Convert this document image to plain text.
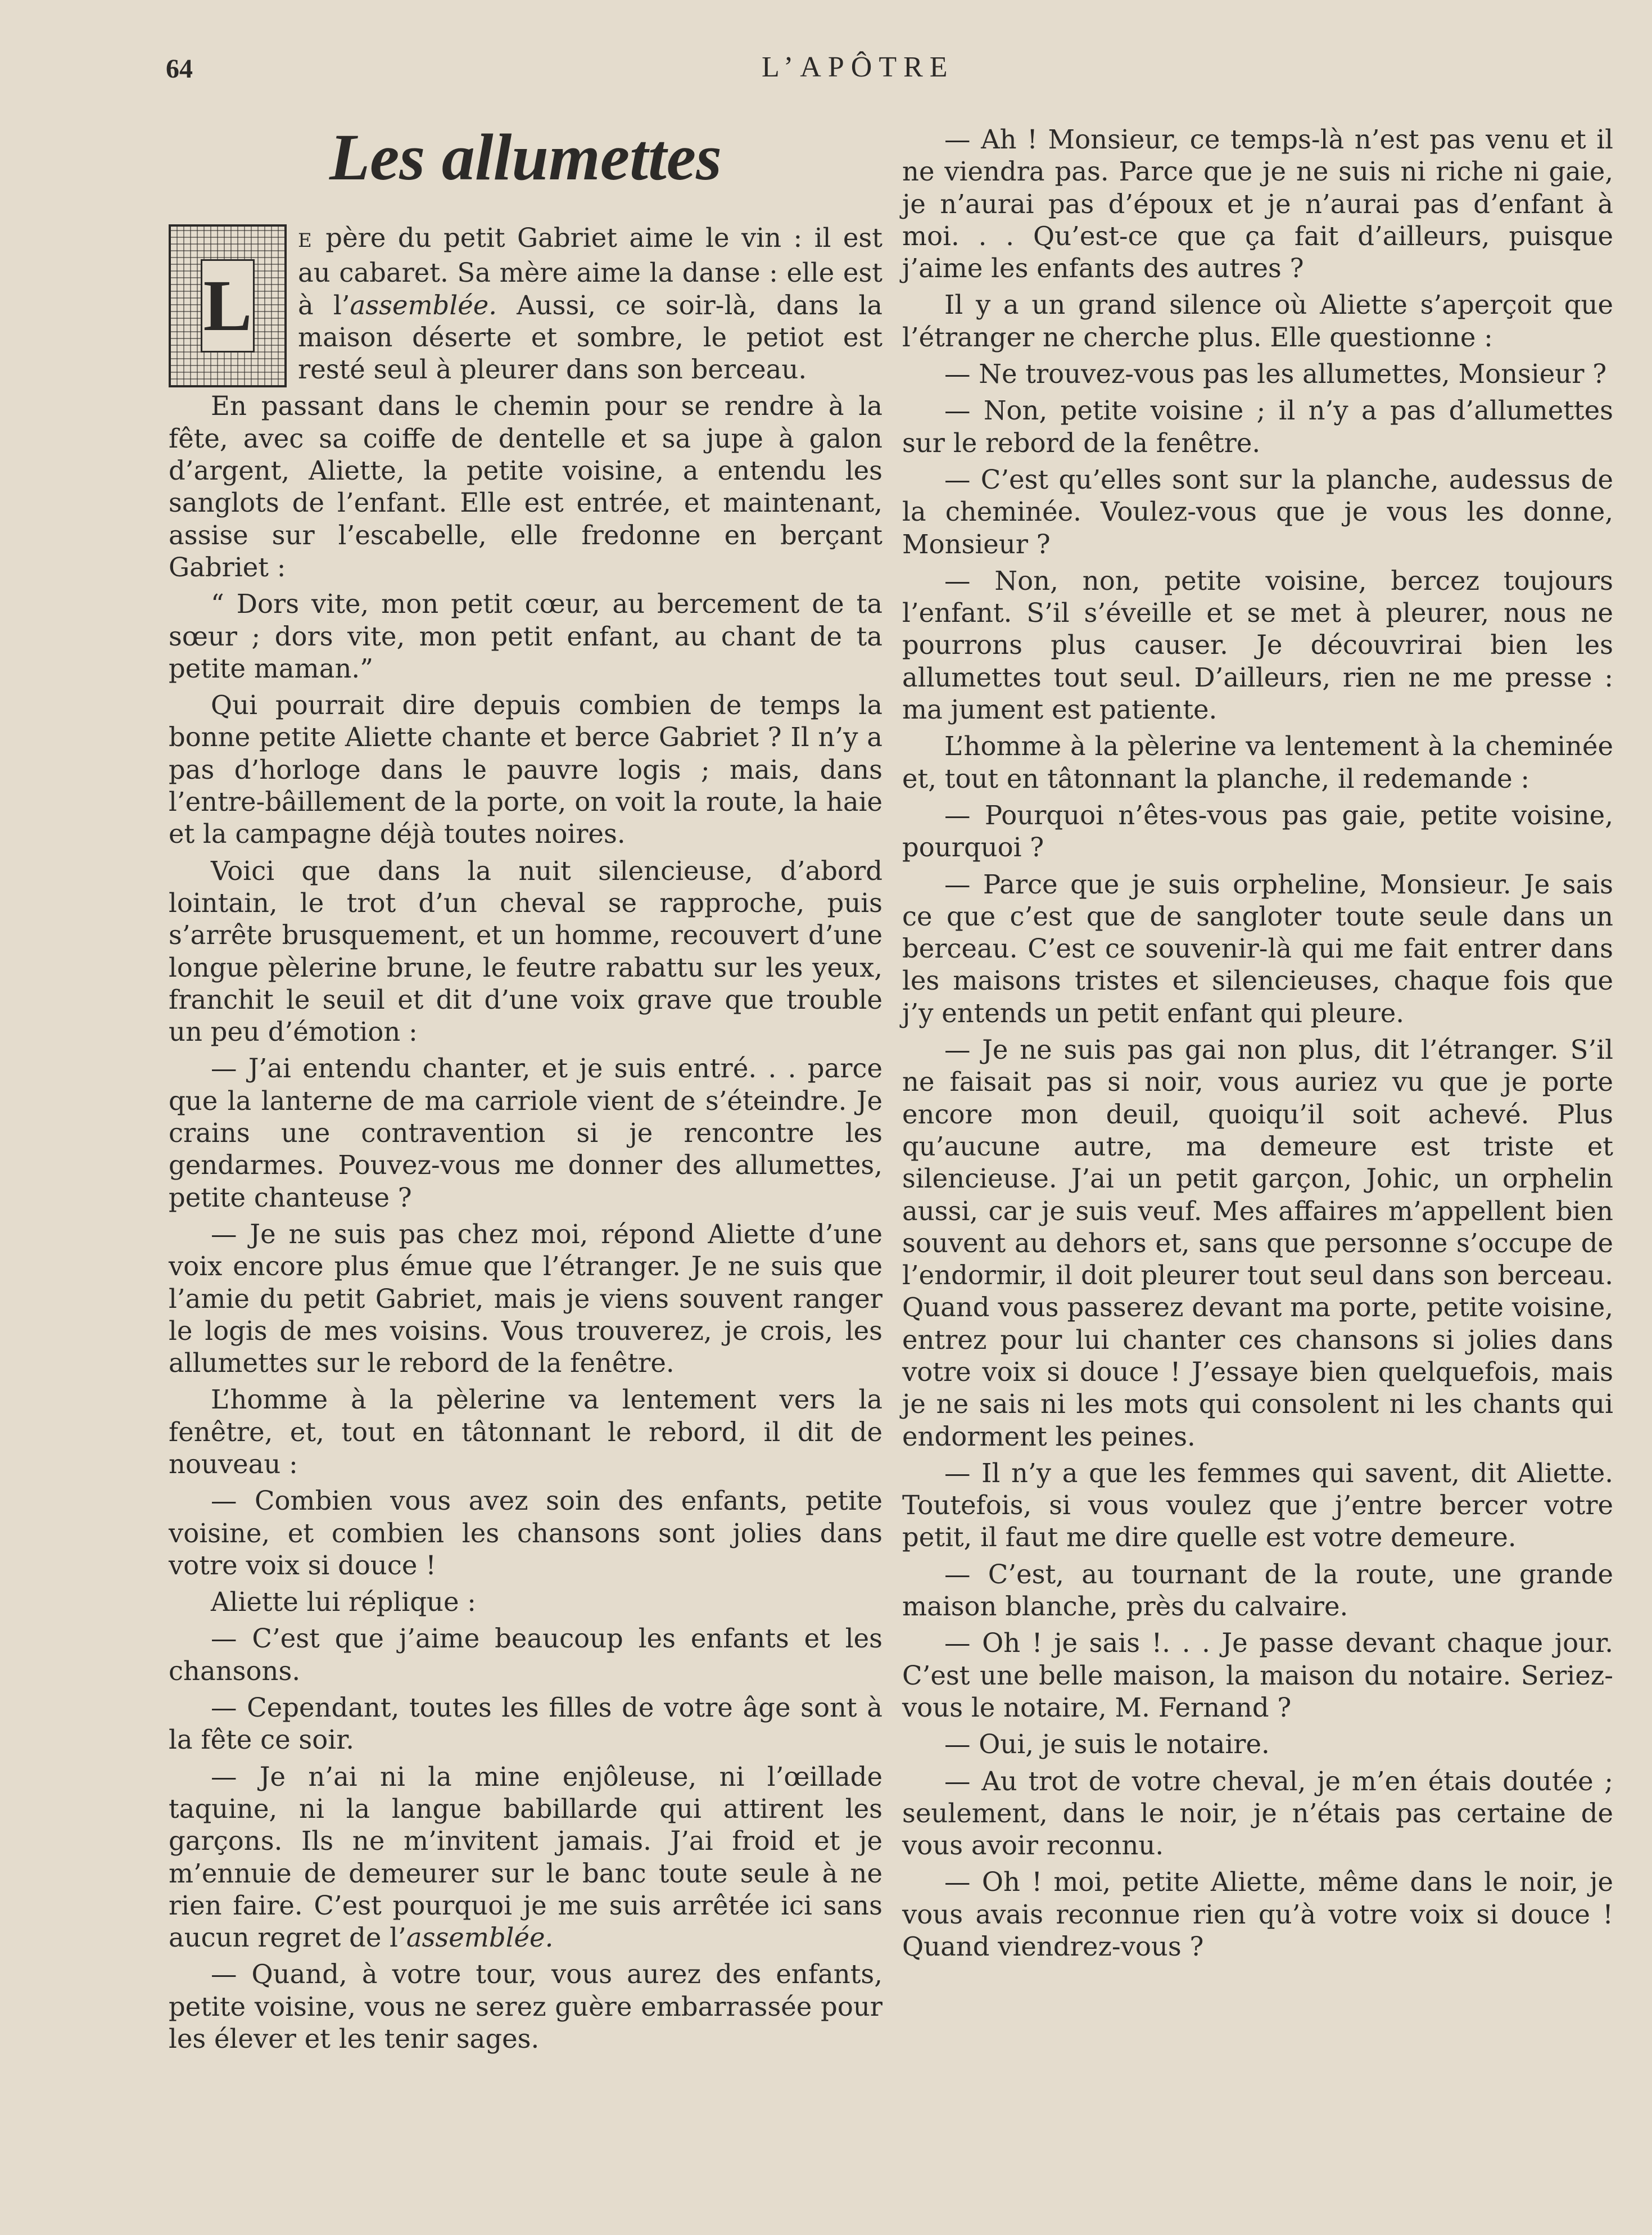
64	L’APÔTRE
Les allumettes

L
E père du petit Gabriet aime le vin : il est au cabaret. Sa mère aime la danse : elle est à l’assemblée. Aussi, ce soir-là, dans la maison déserte et sombre, le petiot est resté seul à pleurer dans son berceau.

En passant dans le chemin pour se rendre à la fête, avec sa coiffe de dentelle et sa jupe à galon d’argent, Aliette, la petite voisine, a entendu les sanglots de l’enfant. Elle est entrée, et maintenant, assise sur l’escabelle, elle fredonne en berçant Gabriet :

“ Dors vite, mon petit cœur, au bercement de ta sœur ; dors vite, mon petit enfant, au chant de ta petite maman.”

Qui pourrait dire depuis combien de temps la bonne petite Aliette chante et berce Gabriet ? Il n’y a pas d’horloge dans le pauvre logis ; mais, dans l’entre-bâillement de la porte, on voit la route, la haie et la campagne déjà toutes noires.

Voici que dans la nuit silencieuse, d’abord lointain, le trot d’un cheval se rapproche, puis s’arrête brusquement, et un homme, recouvert d’une longue pèlerine brune, le feutre rabattu sur les yeux, franchit le seuil et dit d’une voix grave que trouble un peu d’émotion :

— J’ai entendu chanter, et je suis entré. . . parce que la lanterne de ma carriole vient de s’éteindre. Je crains une contravention si je rencontre les gendarmes. Pouvez-vous me donner des allumettes, petite chanteuse ?

— Je ne suis pas chez moi, répond Aliette d’une voix encore plus émue que l’étranger. Je ne suis que l’amie du petit Gabriet, mais je viens souvent ranger le logis de mes voisins. Vous trouverez, je crois, les allumettes sur le rebord de la fenêtre.

L’homme à la pèlerine va lentement vers la fenêtre, et, tout en tâtonnant le rebord, il dit de nouveau :

— Combien vous avez soin des enfants, petite voisine, et combien les chansons sont jolies dans votre voix si douce !

Aliette lui réplique :

— C’est que j’aime beaucoup les enfants et les chansons.

— Cependant, toutes les filles de votre âge sont à la fête ce soir.

— Je n’ai ni la mine enjôleuse, ni l’œillade taquine, ni la langue babillarde qui attirent les garçons. Ils ne m’invitent jamais. J’ai froid et je m’ennuie de demeurer sur le banc toute seule à ne rien faire. C’est pourquoi je me suis arrêtée ici sans aucun regret de l’assemblée.

— Quand, à votre tour, vous aurez des enfants, petite voisine, vous ne serez guère embarrassée pour les élever et les tenir sages.

— Ah ! Monsieur, ce temps-là n’est pas venu et il ne viendra pas. Parce que je ne suis ni riche ni gaie, je n’aurai pas d’époux et je n’aurai pas d’enfant à moi. . . Qu’est-ce que ça fait d’ailleurs, puisque j’aime les enfants des autres ?

Il y a un grand silence où Aliette s’aperçoit que l’étranger ne cherche plus. Elle questionne :

— Ne trouvez-vous pas les allumettes, Monsieur ?

— Non, petite voisine ; il n’y a pas d’allumettes sur le rebord de la fenêtre.

— C’est qu’elles sont sur la planche, audessus de la cheminée. Voulez-vous que je vous les donne, Monsieur ?

— Non, non, petite voisine, bercez toujours l’enfant. S’il s’éveille et se met à pleurer, nous ne pourrons plus causer. Je découvrirai bien les allumettes tout seul. D’ailleurs, rien ne me presse : ma jument est patiente.

L’homme à la pèlerine va lentement à la cheminée et, tout en tâtonnant la planche, il redemande :

— Pourquoi n’êtes-vous pas gaie, petite voisine, pourquoi ?

— Parce que je suis orpheline, Monsieur. Je sais ce que c’est que de sangloter toute seule dans un berceau. C’est ce souvenir-là qui me fait entrer dans les maisons tristes et silencieuses, chaque fois que j’y entends un petit enfant qui pleure.

— Je ne suis pas gai non plus, dit l’étranger. S’il ne faisait pas si noir, vous auriez vu que je porte encore mon deuil, quoiqu’il soit achevé. Plus qu’aucune autre, ma demeure est triste et silencieuse. J’ai un petit garçon, Johic, un orphelin aussi, car je suis veuf. Mes affaires m’appellent bien souvent au dehors et, sans que personne s’occupe de l’endormir, il doit pleurer tout seul dans son berceau. Quand vous passerez devant ma porte, petite voisine, entrez pour lui chanter ces chansons si jolies dans votre voix si douce ! J’essaye bien quelquefois, mais je ne sais ni les mots qui consolent ni les chants qui endorment les peines.

— Il n’y a que les femmes qui savent, dit Aliette. Toutefois, si vous voulez que j’entre bercer votre petit, il faut me dire quelle est votre demeure.

— C’est, au tournant de la route, une grande maison blanche, près du calvaire.

— Oh ! je sais !. . . Je passe devant chaque jour. C’est une belle maison, la maison du notaire. Seriez-vous le notaire, M. Fernand ?

— Oui, je suis le notaire.

— Au trot de votre cheval, je m’en étais doutée ; seulement, dans le noir, je n’étais pas certaine de vous avoir reconnu.

— Oh ! moi, petite Aliette, même dans le noir, je vous avais reconnue rien qu’à votre voix si douce ! Quand viendrez-vous ?
